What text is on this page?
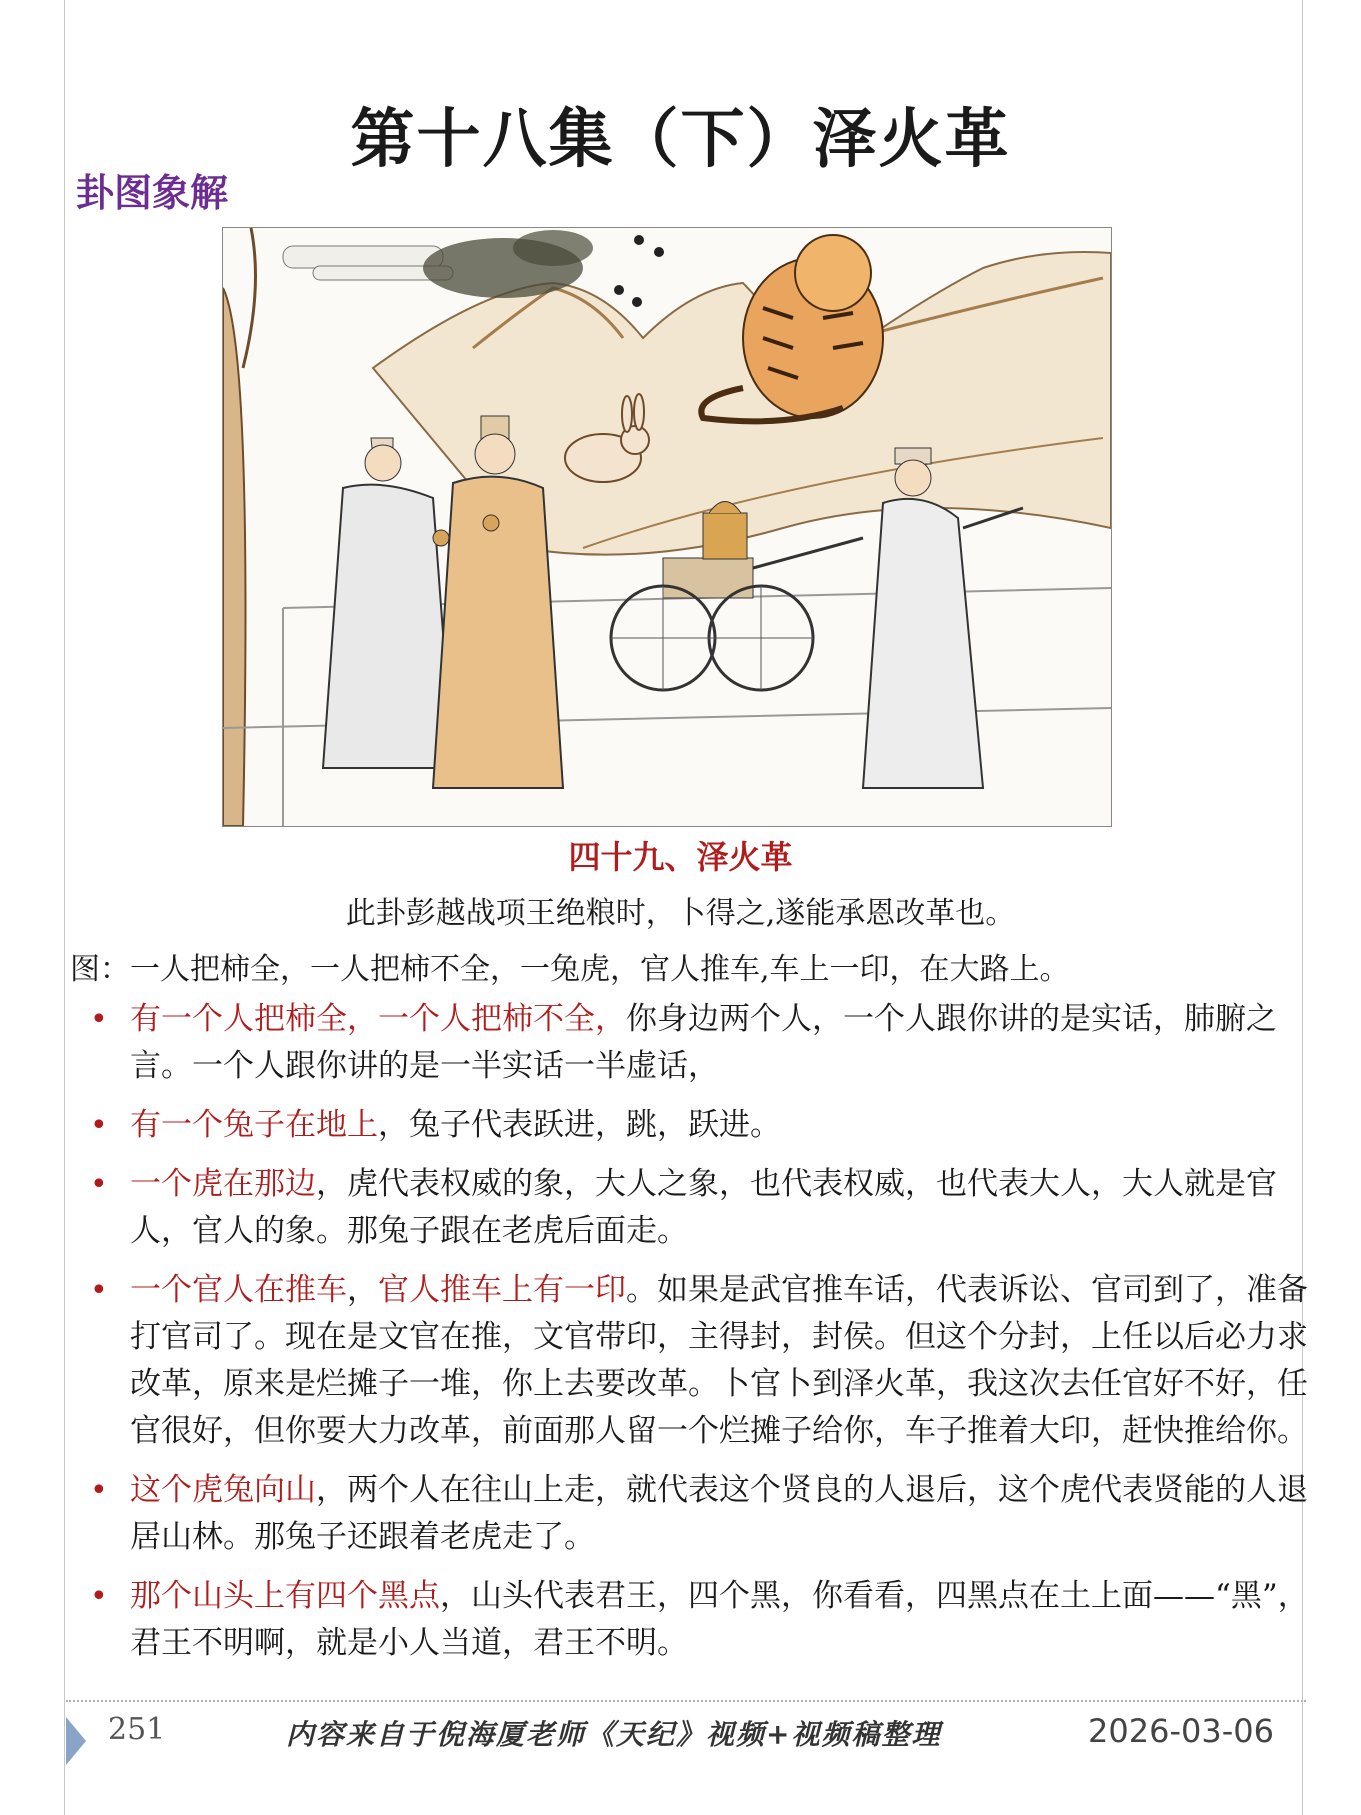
第十八集（下）泽火革
卦图象解
四十九、泽火革
此卦彭越战项王绝粮时，卜得之,遂能承恩改革也。
图：一人把柿全，一人把柿不全，一兔虎，官人推车,车上一印，在大路上。
• 有一个人把柿全，一个人把柿不全，你身边两个人，一个人跟你讲的是实话，肺腑之言。一个人跟你讲的是一半实话一半虚话，
• 有一个兔子在地上，兔子代表跃进，跳，跃进。
• 一个虎在那边，虎代表权威的象，大人之象，也代表权威，也代表大人，大人就是官人，官人的象。那兔子跟在老虎后面走。
• 一个官人在推车，官人推车上有一印。如果是武官推车话，代表诉讼、官司到了，准备打官司了。现在是文官在推，文官带印，主得封，封侯。但这个分封，上任以后必力求改革，原来是烂摊子一堆，你上去要改革。卜官卜到泽火革，我这次去任官好不好，任官很好，但你要大力改革，前面那人留一个烂摊子给你，车子推着大印，赶快推给你。
• 这个虎兔向山，两个人在往山上走，就代表这个贤良的人退后，这个虎代表贤能的人退居山林。那兔子还跟着老虎走了。
• 那个山头上有四个黑点，山头代表君王，四个黑，你看看，四黑点在土上面——“黑”，君王不明啊，就是小人当道，君王不明。
251	内容来自于倪海厦老师《天纪》视频+视频稿整理	2026-03-06
